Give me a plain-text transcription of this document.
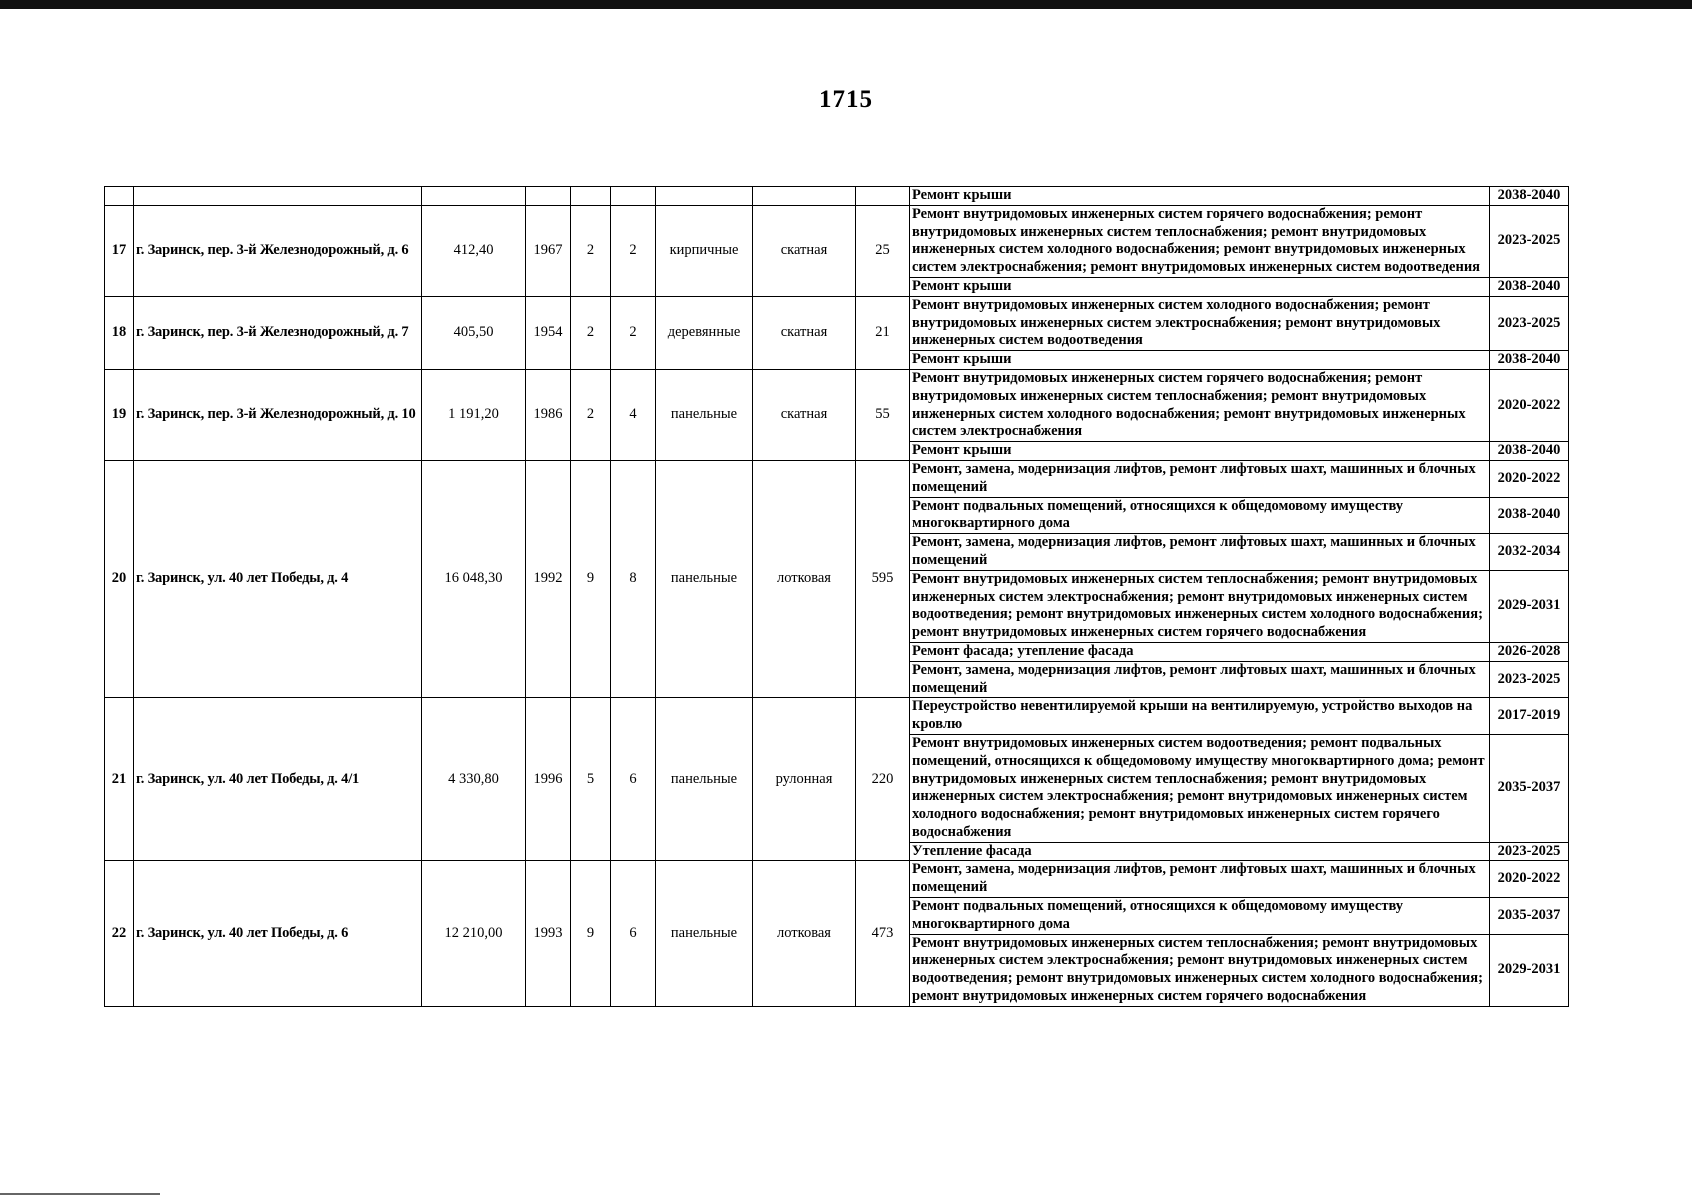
1715
									Ремонт крыши	2038-2040
17	г. Заринск, пер. 3-й Железнодорожный, д. 6	412,40	1967	2	2	кирпичные	скатная	25	Ремонт внутридомовых инженерных систем горячего водоснабжения; ремонт внутридомовых инженерных систем теплоснабжения; ремонт внутридомовых инженерных систем холодного водоснабжения; ремонт внутридомовых инженерных систем электроснабжения; ремонт внутридомовых инженерных систем водоотведения	2023-2025
									Ремонт крыши	2038-2040
18	г. Заринск, пер. 3-й Железнодорожный, д. 7	405,50	1954	2	2	деревянные	скатная	21	Ремонт внутридомовых инженерных систем холодного водоснабжения; ремонт внутридомовых инженерных систем электроснабжения; ремонт внутридомовых инженерных систем водоотведения	2023-2025
									Ремонт крыши	2038-2040
19	г. Заринск, пер. 3-й Железнодорожный, д. 10	1 191,20	1986	2	4	панельные	скатная	55	Ремонт внутридомовых инженерных систем горячего водоснабжения; ремонт внутридомовых инженерных систем теплоснабжения; ремонт внутридомовых инженерных систем холодного водоснабжения; ремонт внутридомовых инженерных систем электроснабжения	2020-2022
									Ремонт крыши	2038-2040
20	г. Заринск, ул. 40 лет Победы, д. 4	16 048,30	1992	9	8	панельные	лотковая	595	Ремонт, замена, модернизация лифтов, ремонт лифтовых шахт, машинных и блочных помещений	2020-2022
									Ремонт подвальных помещений, относящихся к общедомовому имуществу многоквартирного дома	2038-2040
									Ремонт, замена, модернизация лифтов, ремонт лифтовых шахт, машинных и блочных помещений	2032-2034
									Ремонт внутридомовых инженерных систем теплоснабжения; ремонт внутридомовых инженерных систем электроснабжения; ремонт внутридомовых инженерных систем водоотведения; ремонт внутридомовых инженерных систем холодного водоснабжения; ремонт внутридомовых инженерных систем горячего водоснабжения	2029-2031
									Ремонт фасада; утепление фасада	2026-2028
									Ремонт, замена, модернизация лифтов, ремонт лифтовых шахт, машинных и блочных помещений	2023-2025
21	г. Заринск, ул. 40 лет Победы, д. 4/1	4 330,80	1996	5	6	панельные	рулонная	220	Переустройство невентилируемой крыши на вентилируемую, устройство выходов на кровлю	2017-2019
									Ремонт внутридомовых инженерных систем водоотведения; ремонт подвальных помещений, относящихся к общедомовому имуществу многоквартирного дома; ремонт внутридомовых инженерных систем теплоснабжения; ремонт внутридомовых инженерных систем электроснабжения; ремонт внутридомовых инженерных систем холодного водоснабжения; ремонт внутридомовых инженерных систем горячего водоснабжения	2035-2037
									Утепление фасада	2023-2025
22	г. Заринск, ул. 40 лет Победы, д. 6	12 210,00	1993	9	6	панельные	лотковая	473	Ремонт, замена, модернизация лифтов, ремонт лифтовых шахт, машинных и блочных помещений	2020-2022
									Ремонт подвальных помещений, относящихся к общедомовому имуществу многоквартирного дома	2035-2037
									Ремонт внутридомовых инженерных систем теплоснабжения; ремонт внутридомовых инженерных систем электроснабжения; ремонт внутридомовых инженерных систем водоотведения; ремонт внутридомовых инженерных систем холодного водоснабжения; ремонт внутридомовых инженерных систем горячего водоснабжения	2029-2031
